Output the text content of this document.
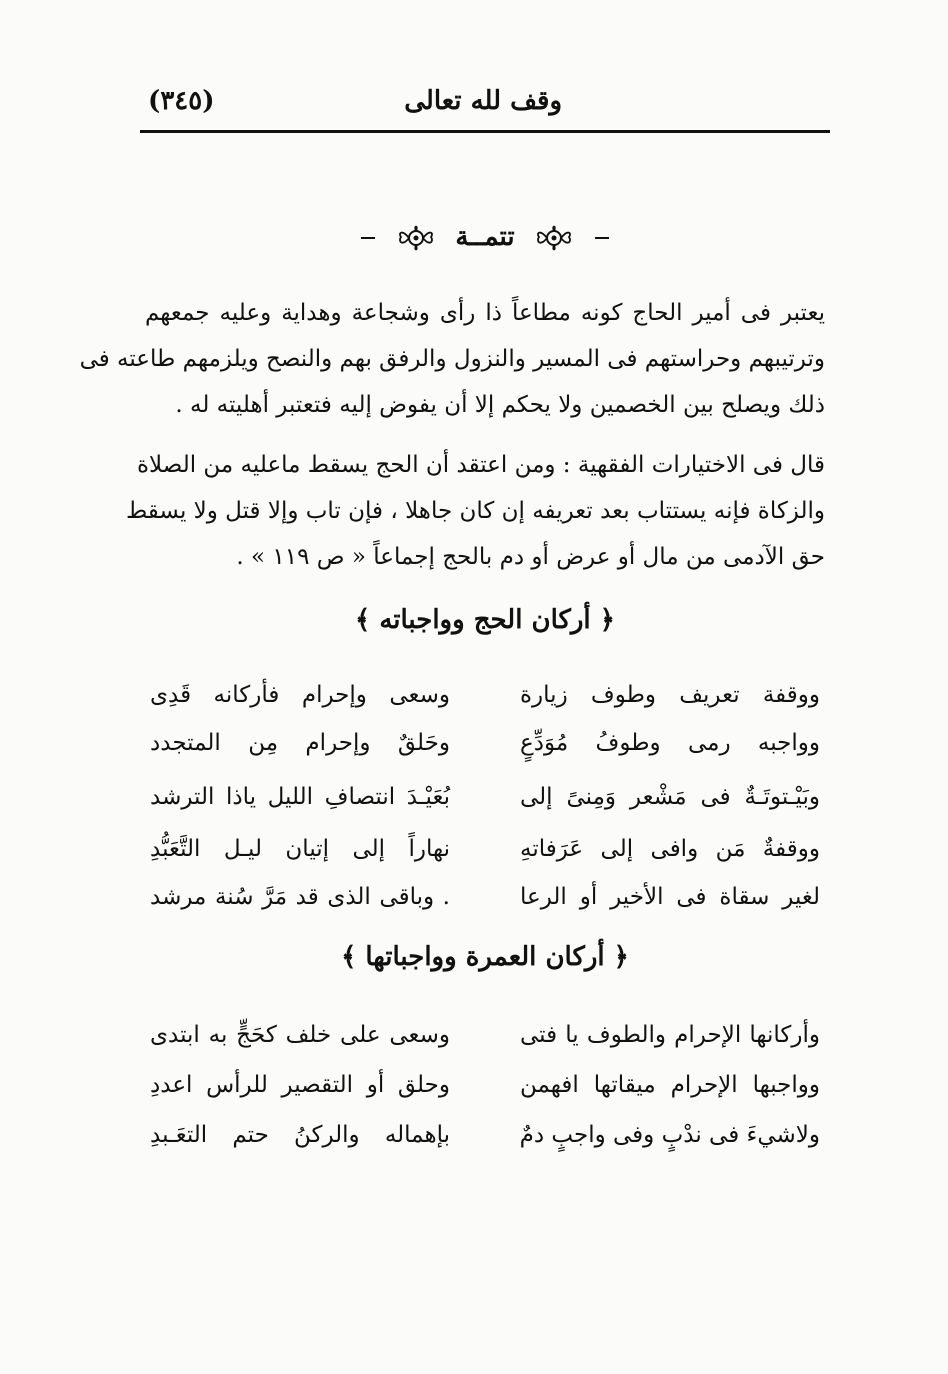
وقف لله تعالى
(٣٤٥)
تتمــة
يعتبر فى أمير الحاج كونه مطاعاً ذا رأى وشجاعة وهداية وعليه جمعهم
وترتيبهم وحراستهم فى المسير والنزول والرفق بهم والنصح ويلزمهم طاعته فى
ذلك ويصلح بين الخصمين ولا يحكم إلا أن يفوض إليه فتعتبر أهليته له .
قال فى الاختيارات الفقهية : ومن اعتقد أن الحج يسقط ماعليه من الصلاة
والزكاة فإنه يستتاب بعد تعريفه إن كان جاهلا ، فإن تاب وإلا قتل ولا يسقط
حق الآدمى من مال أو عرض أو دم بالحج إجماعاً « ص ١١٩ » .
﴿ أركان الحج وواجباته ﴾
ووقفة تعريف وطوف زيارة
وسعى وإحرام فأركانه قَدِى
وواجبه رمى وطوفُ مُوَدِّعٍ
وحَلقٌ وإحرام مِن المتجدد
وبَيْـتوتَـةٌ فى مَشْعر وَمِنىً إلى
بُعَيْـدَ انتصافِ الليل ياذا الترشد
ووقفةٌ مَن وافى إلى عَرَفاتهِ
نهاراً إلى إتيان ليـل التَّعَبُّدِ
لغير سقاة فى الأخير أو الرعا
. وباقى الذى قد مَرَّ سُنة مرشد
﴿ أركان العمرة وواجباتها ﴾
وأركانها الإحرام والطوف يا فتى
وسعى على خلف كحَجٍّ به ابتدى
وواجبها الإحرام ميقاتها افهمن
وحلق أو التقصير للرأس اعددِ
ولاشيءَ فى ندْبٍ وفى واجبٍ دمٌ
بإهماله والركنُ حتم التعَـبدِ
